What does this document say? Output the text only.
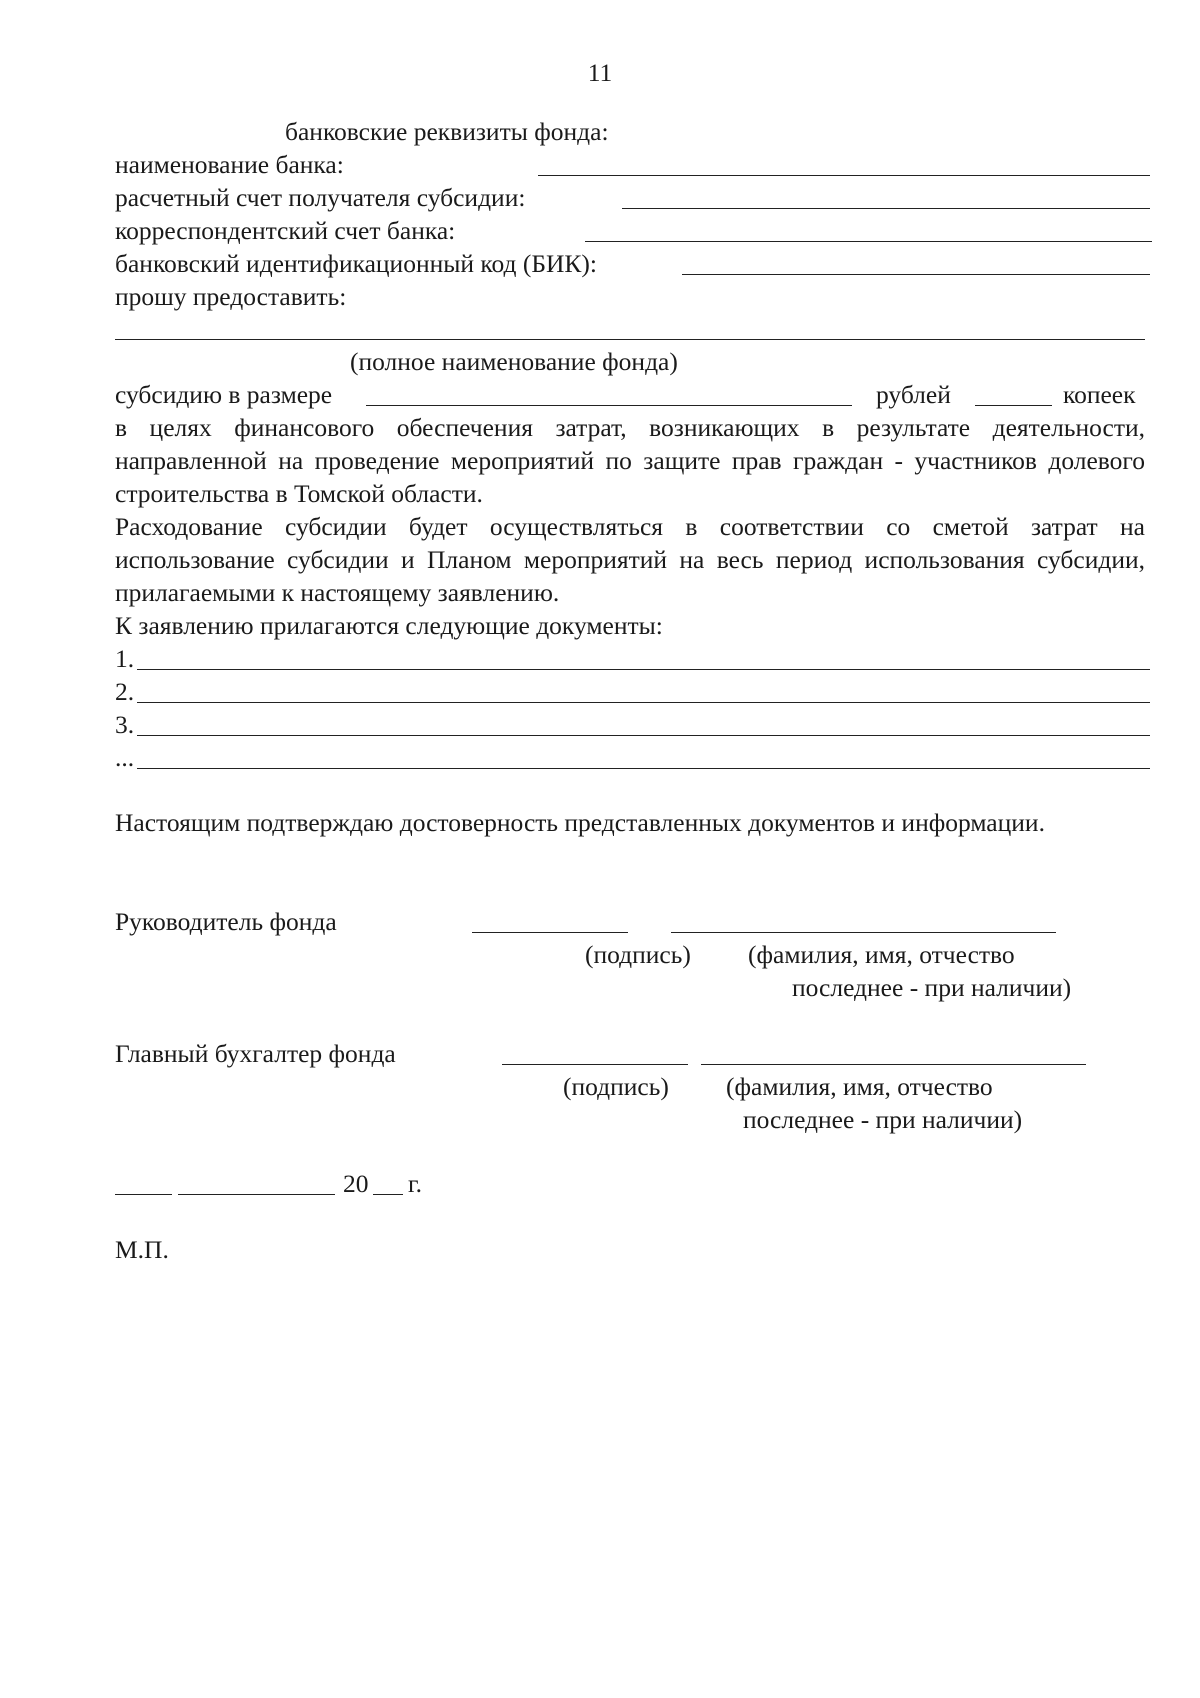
11
банковские реквизиты фонда:
наименование банка:
расчетный счет получателя субсидии:
корреспондентский счет банка:
банковский идентификационный код (БИК):
прошу предоставить:
(полное наименование фонда)
субсидию в размере	рублей	копеек
в целях финансового обеспечения затрат, возникающих в результате деятельности, направленной на проведение мероприятий по защите прав граждан - участников долевого строительства в Томской области.
Расходование субсидии будет осуществляться в соответствии со сметой затрат на использование субсидии и Планом мероприятий на весь период использования субсидии, прилагаемыми к настоящему заявлению.
К заявлению прилагаются следующие документы:
1.
2.
3.
...
Настоящим подтверждаю достоверность представленных документов и информации.
Руководитель фонда
(подпись) (фамилия, имя, отчество
последнее - при наличии)
Главный бухгалтер фонда
(подпись) (фамилия, имя, отчество
последнее - при наличии)
20 г.
М.П.
